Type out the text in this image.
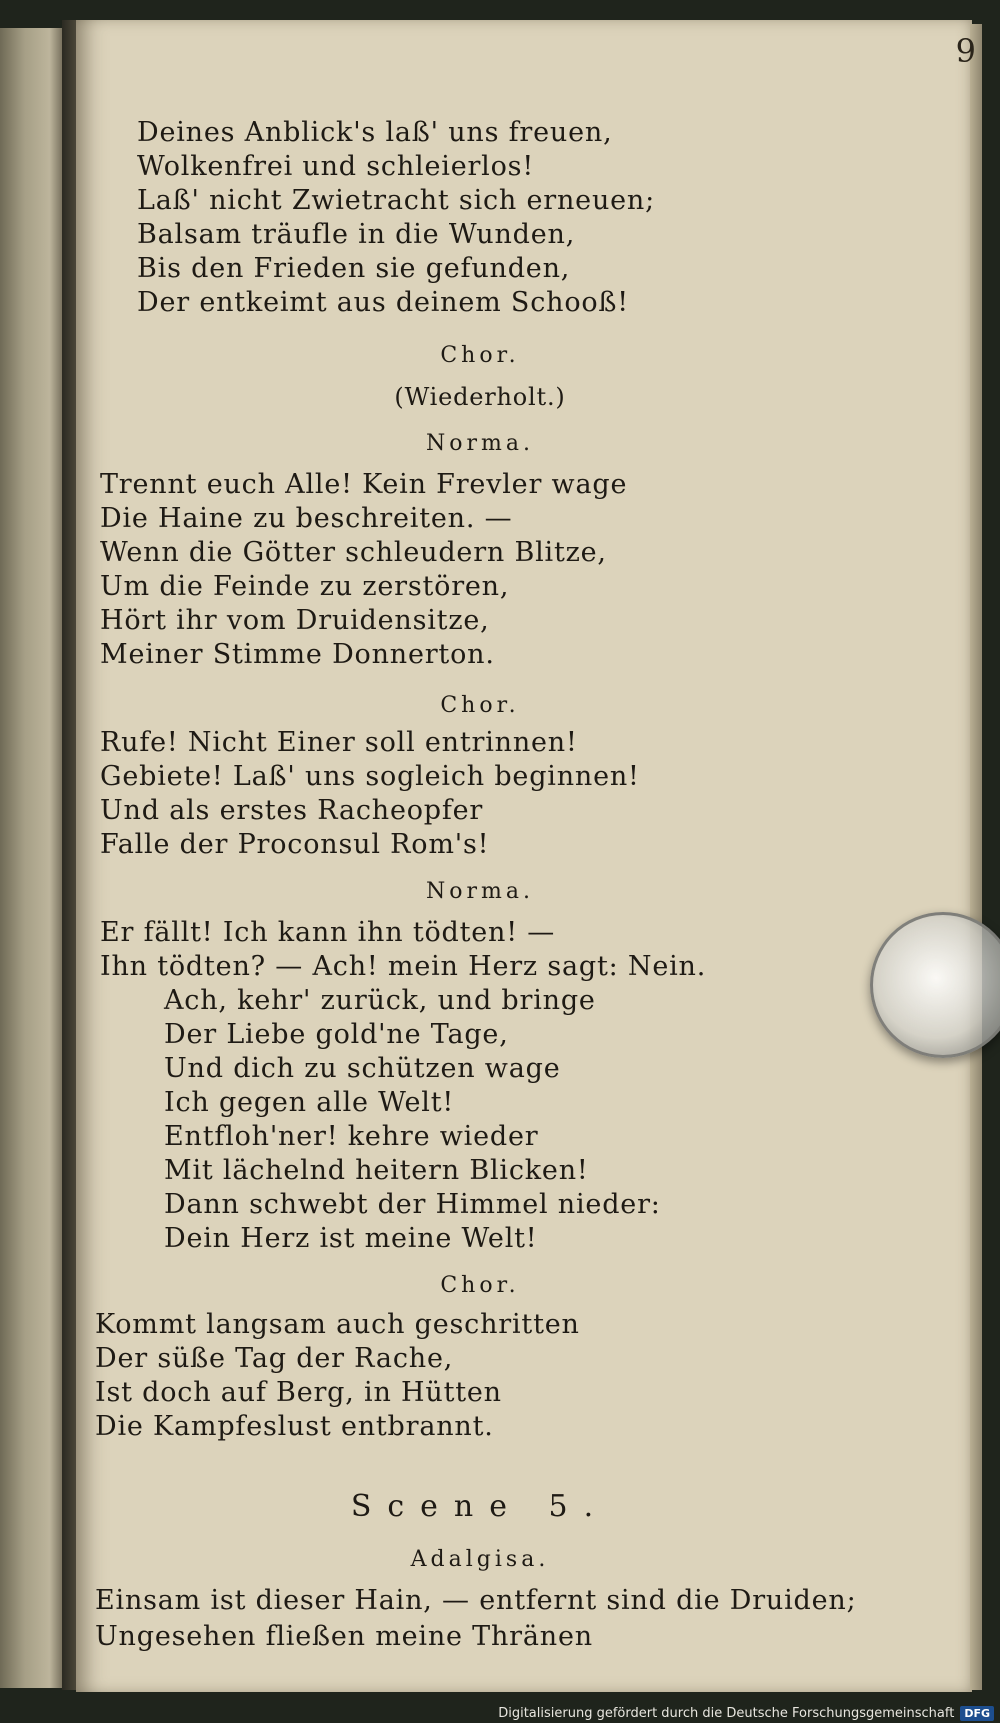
9

Deines Anblick's laß' uns freuen,

Wolkenfrei und schleierlos!

Laß' nicht Zwietracht sich erneuen;

Balsam träufle in die Wunden,

Bis den Frieden sie gefunden,

Der entkeimt aus deinem Schooß!

Chor.

(Wiederholt.)

Norma.

Trennt euch Alle! Kein Frevler wage

Die Haine zu beschreiten. —

Wenn die Götter schleudern Blitze,

Um die Feinde zu zerstören,

Hört ihr vom Druidensitze,

Meiner Stimme Donnerton.

Chor.

Rufe! Nicht Einer soll entrinnen!

Gebiete! Laß' uns sogleich beginnen!

Und als erstes Racheopfer

Falle der Proconsul Rom's!

Norma.

Er fällt! Ich kann ihn tödten! —

Ihn tödten? — Ach! mein Herz sagt: Nein.

Ach, kehr' zurück, und bringe

Der Liebe gold'ne Tage,

Und dich zu schützen wage

Ich gegen alle Welt!

Entfloh'ner! kehre wieder

Mit lächelnd heitern Blicken!

Dann schwebt der Himmel nieder:

Dein Herz ist meine Welt!

Chor.

Kommt langsam auch geschritten

Der süße Tag der Rache,

Ist doch auf Berg, in Hütten

Die Kampfeslust entbrannt.

Scene 5.

Adalgisa.

Einsam ist dieser Hain, — entfernt sind die Druiden;

Ungesehen fließen meine Thränen

Digitalisierung gefördert durch die Deutsche Forschungsgemeinschaft DFG
